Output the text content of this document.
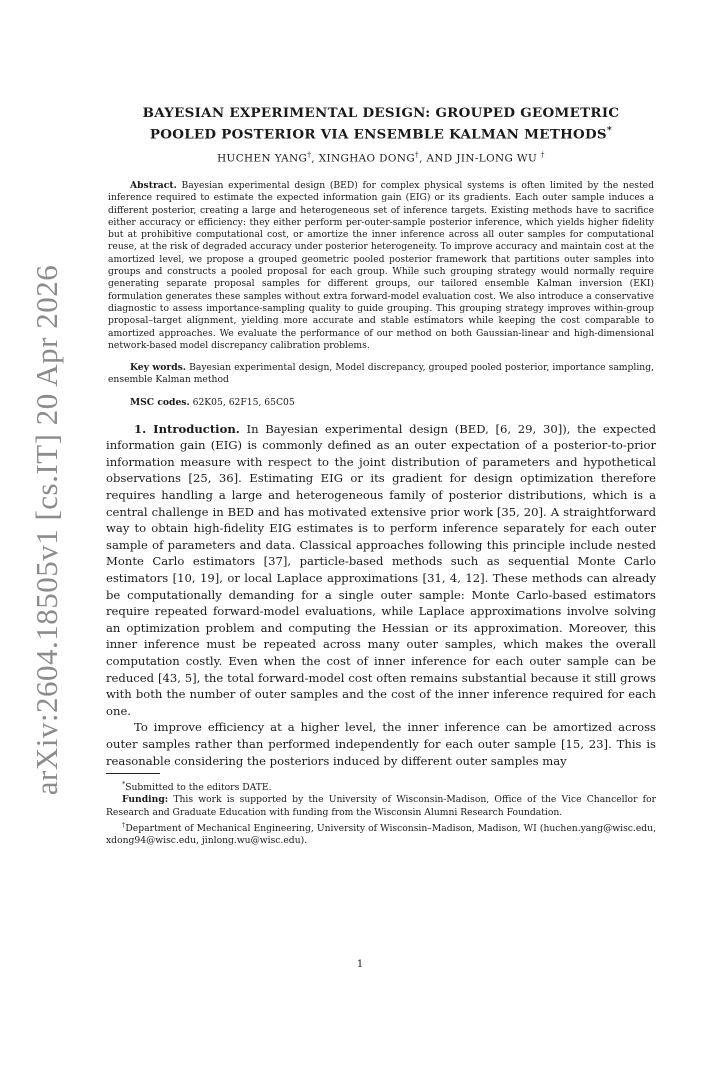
arXiv:2604.18505v1 [cs.IT] 20 Apr 2026
BAYESIAN EXPERIMENTAL DESIGN: GROUPED GEOMETRIC
POOLED POSTERIOR VIA ENSEMBLE KALMAN METHODS*
HUCHEN YANG†, XINGHAO DONG†, AND JIN-LONG WU †
Abstract. Bayesian experimental design (BED) for complex physical systems is often limited by the nested inference required to estimate the expected information gain (EIG) or its gradients. Each outer sample induces a different posterior, creating a large and heterogeneous set of inference targets. Existing methods have to sacrifice either accuracy or efficiency: they either perform per-outer-sample posterior inference, which yields higher fidelity but at prohibitive computational cost, or amortize the inner inference across all outer samples for computational reuse, at the risk of degraded accuracy under posterior heterogeneity. To improve accuracy and maintain cost at the amortized level, we propose a grouped geometric pooled posterior framework that partitions outer samples into groups and constructs a pooled proposal for each group. While such grouping strategy would normally require generating separate proposal samples for different groups, our tailored ensemble Kalman inversion (EKI) formulation generates these samples without extra forward-model evaluation cost. We also introduce a conservative diagnostic to assess importance-sampling quality to guide grouping. This grouping strategy improves within-group proposal–target alignment, yielding more accurate and stable estimators while keeping the cost comparable to amortized approaches. We evaluate the performance of our method on both Gaussian-linear and high-dimensional network-based model discrepancy calibration problems.
Key words. Bayesian experimental design, Model discrepancy, grouped pooled posterior, importance sampling, ensemble Kalman method
MSC codes. 62K05, 62F15, 65C05

1. Introduction. In Bayesian experimental design (BED, [6, 29, 30]), the expected information gain (EIG) is commonly defined as an outer expectation of a posterior-to-prior information measure with respect to the joint distribution of parameters and hypothetical observations [25, 36]. Estimating EIG or its gradient for design optimization therefore requires handling a large and heterogeneous family of posterior distributions, which is a central challenge in BED and has motivated extensive prior work [35, 20]. A straightforward way to obtain high-fidelity EIG estimates is to perform inference separately for each outer sample of parameters and data. Classical approaches following this principle include nested Monte Carlo estimators [37], particle-based methods such as sequential Monte Carlo estimators [10, 19], or local Laplace approximations [31, 4, 12]. These methods can already be computationally demanding for a single outer sample: Monte Carlo-based estimators require repeated forward-model evaluations, while Laplace approximations involve solving an optimization problem and computing the Hessian or its approximation. Moreover, this inner inference must be repeated across many outer samples, which makes the overall computation costly. Even when the cost of inner inference for each outer sample can be reduced [43, 5], the total forward-model cost often remains substantial because it still grows with both the number of outer samples and the cost of the inner inference required for each one.

To improve efficiency at a higher level, the inner inference can be amortized across outer samples rather than performed independently for each outer sample [15, 23]. This is reasonable considering the posteriors induced by different outer samples may

*Submitted to the editors DATE.

Funding: This work is supported by the University of Wisconsin-Madison, Office of the Vice Chancellor for Research and Graduate Education with funding from the Wisconsin Alumni Research Foundation.

†Department of Mechanical Engineering, University of Wisconsin–Madison, Madison, WI (huchen.yang@wisc.edu, xdong94@wisc.edu, jinlong.wu@wisc.edu).

1
